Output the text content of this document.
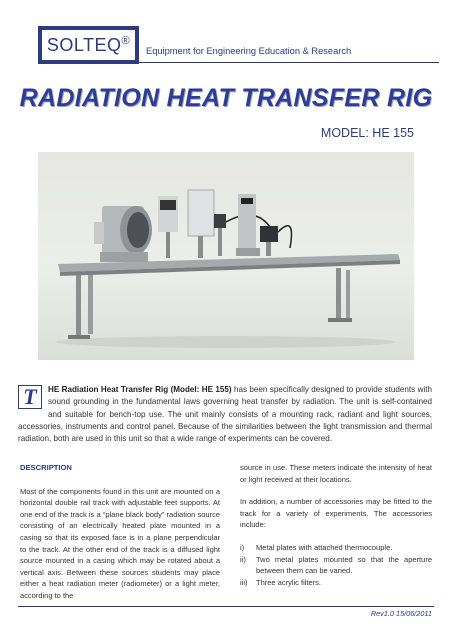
SOLTEQ®
Equipment for Engineering Education & Research
RADIATION HEAT TRANSFER RIG
MODEL: HE 155
T	HE Radiation Heat Transfer Rig (Model: HE 155) has been specifically designed to provide students with sound grounding in the fundamental laws governing heat transfer by radiation. The unit is self-contained and suitable for bench-top use. The unit mainly consists of a mounting rack, radiant and light sources, accessories, instruments and control panel. Because of the similarities between the light transmission and thermal radiation, both are used in this unit so that a wide range of experiments can be covered.
DESCRIPTION

Most of the components found in this unit are mounted on a horizontal double rail track with adjustable feet supports. At one end of the track is a “plane black body” radiation source consisting of an electrically heated plate mounted in a casing so that its exposed face is in a plane perpendicular to the track. At the other end of the track is a diffused light source mounted in a casing which may be rotated about a vertical axis. Between these sources students may place either a heat radiation meter (radiometer) or a light meter, according to the

source in use. These meters indicate the intensity of heat or light received at their locations.

In addition, a number of accessories may be fitted to the track for a variety of experiments. The accessories include:

i) Metal plates with attached thermocouple.
ii) Two metal plates mounted so that the aperture between them can be varied.
iii) Three acrylic filters.
Rev1.0 15/06/2011
